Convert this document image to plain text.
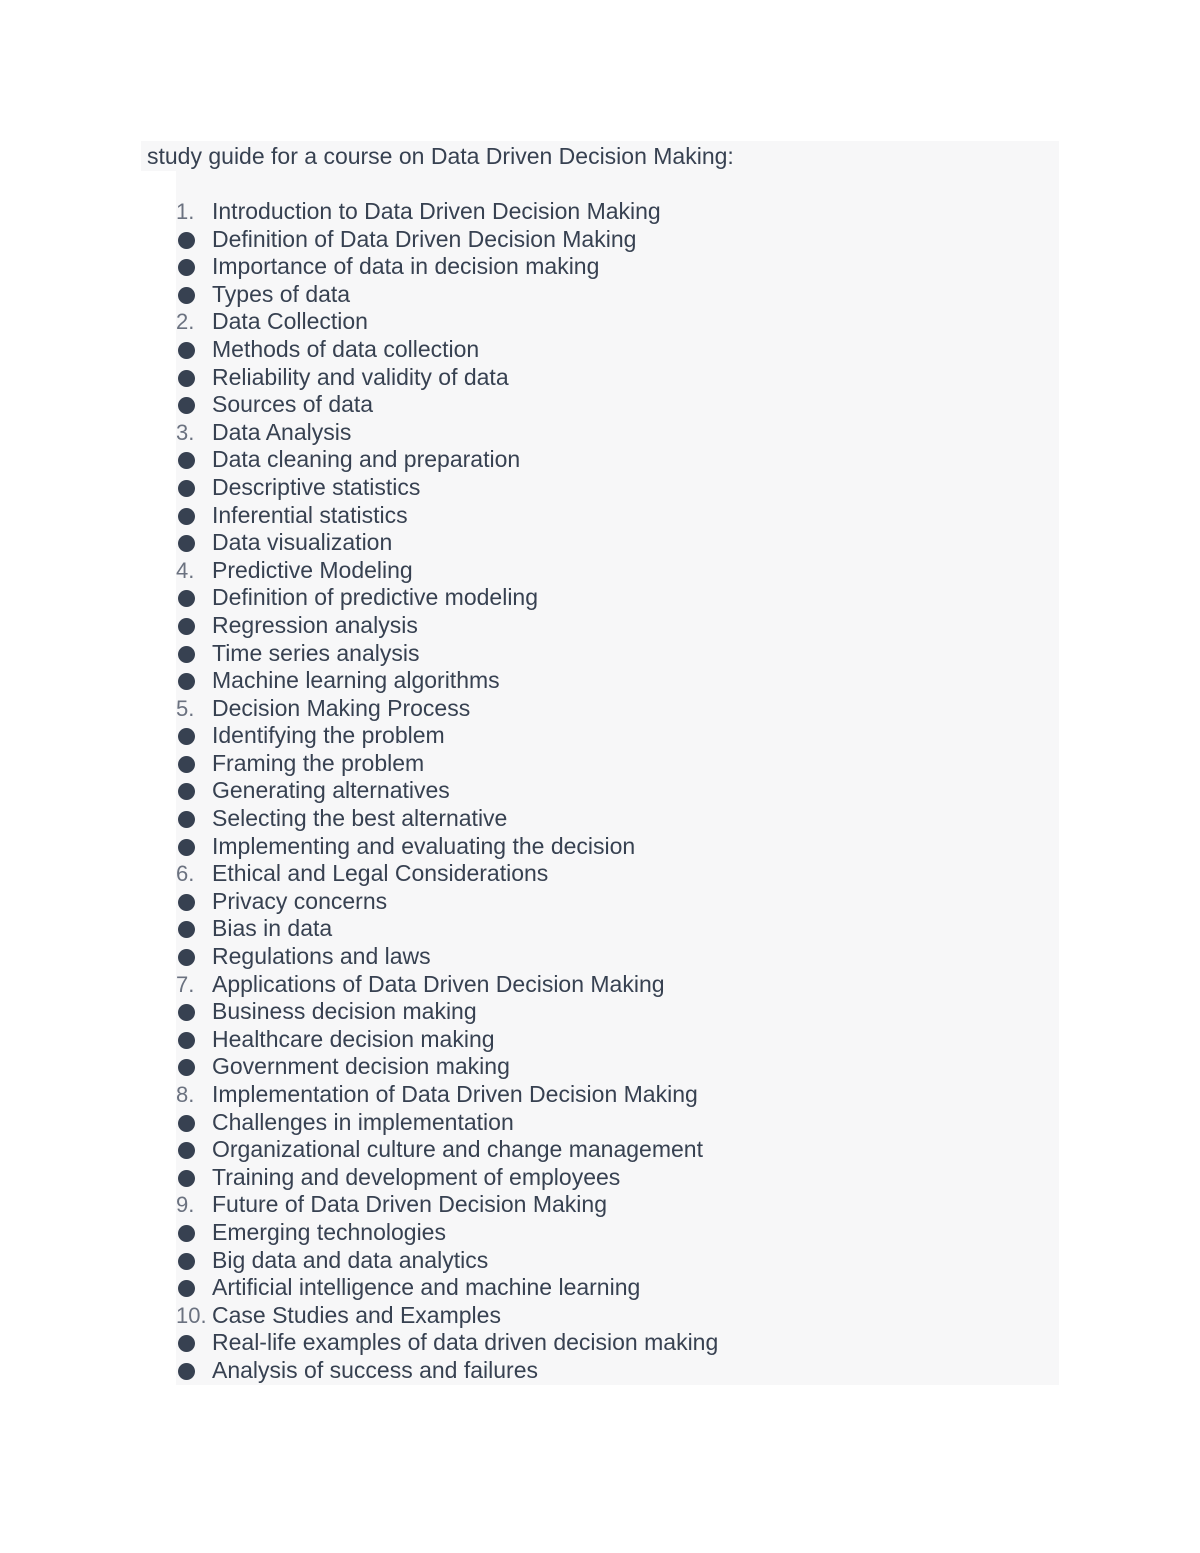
study guide for a course on Data Driven Decision Making:
1. Introduction to Data Driven Decision Making
Definition of Data Driven Decision Making
Importance of data in decision making
Types of data
2. Data Collection
Methods of data collection
Reliability and validity of data
Sources of data
3. Data Analysis
Data cleaning and preparation
Descriptive statistics
Inferential statistics
Data visualization
4. Predictive Modeling
Definition of predictive modeling
Regression analysis
Time series analysis
Machine learning algorithms
5. Decision Making Process
Identifying the problem
Framing the problem
Generating alternatives
Selecting the best alternative
Implementing and evaluating the decision
6. Ethical and Legal Considerations
Privacy concerns
Bias in data
Regulations and laws
7. Applications of Data Driven Decision Making
Business decision making
Healthcare decision making
Government decision making
8. Implementation of Data Driven Decision Making
Challenges in implementation
Organizational culture and change management
Training and development of employees
9. Future of Data Driven Decision Making
Emerging technologies
Big data and data analytics
Artificial intelligence and machine learning
10. Case Studies and Examples
Real-life examples of data driven decision making
Analysis of success and failures
